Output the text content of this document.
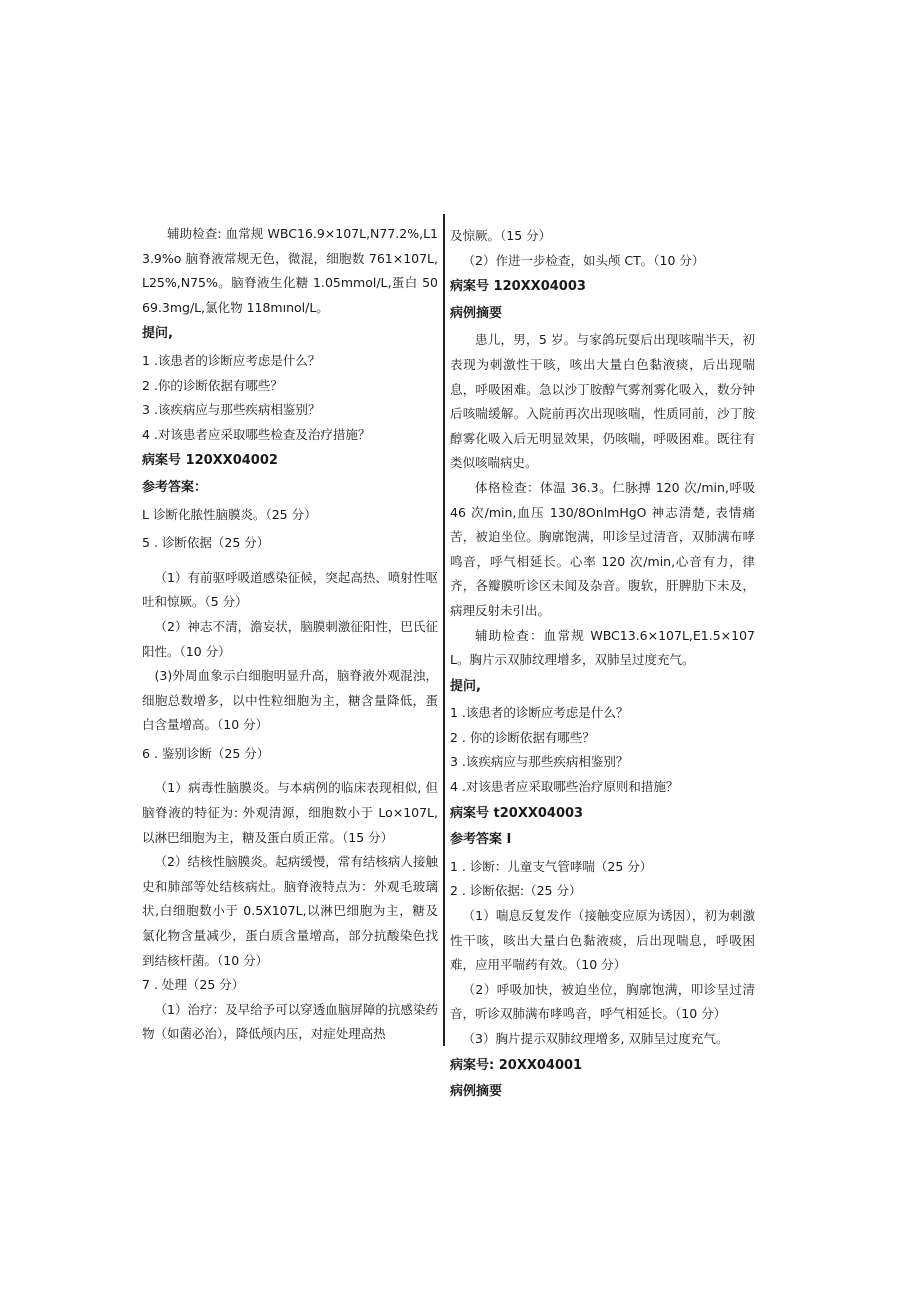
辅助检查: 血常规 WBC16.9×107L,N77.2%,L13.9%o 脑脊液常规无色，微混，细胞数 761×107L,L25%,N75%。脑脊液生化糖 1.05mmol/L,蛋白 5069.3mg/L,氯化物 118mınol/L。

提问,

1 .该患者的诊断应考虑是什么？

2 .你的诊断依据有哪些？

3 .该疾病应与那些疾病相鉴别？

4 .对该患者应采取哪些检查及治疗措施？

病案号 120XX04002

参考答案：

L 诊断化脓性脑膜炎。（25 分）

5 . 诊断依据（25 分）

（1）有前驱呼吸道感染征候，突起高热、喷射性呕吐和惊厥。（5 分）

（2）神志不清，澹妄状，脑膜刺激征阳性，巴氏征阳性。（10 分）

(3)外周血象示白细胞明显升高，脑脊液外观混浊，细胞总数增多，以中性粒细胞为主，糖含量降低，蛋白含量增高。（10 分）

6 . 鉴别诊断（25 分）

（1）病毒性脑膜炎。与本病例的临床表现相似, 但脑脊液的特征为: 外观清源，细胞数小于 Lo×107L,以淋巴细胞为主，糖及蛋白质正常。（15 分）

（2）结核性脑膜炎。起病缓慢，常有结核病人接触史和肺部等处结核病灶。脑脊液特点为：外观毛玻璃状,白细胞数小于 0.5X107L,以淋巴细胞为主，糖及氯化物含量减少，蛋白质含量增高，部分抗酸染色找到结核杆菌。（10 分）

7 . 处理（25 分）

（1）治疗：及早给予可以穿透血脑屏障的抗感染药物（如菌必治），降低颅内压，对症处理高热

及惊厥。（15 分）

（2）作进一步检查，如头颅 CT。（10 分）

病案号 120XX04003

病例摘要

患儿，男，5 岁。与家鸽玩耍后出现咳喘半天，初表现为刺激性干咳，咳出大量白色黏液痰，后出现喘息，呼吸困难。急以沙丁胺醇气雾剂雾化吸入，数分钟后咳喘缓解。入院前再次出现咳喘，性质同前，沙丁胺醇雾化吸入后无明显效果，仍咳喘，呼吸困难。既往有类似咳喘病史。

体格检查：体温 36.3。仁脉搏 120 次/min,呼吸 46 次/min,血压 130/8OnlmHgO 神志清楚, 表情痛苦，被迫坐位。胸廓饱满，叩诊呈过清音，双肺满布哮鸣音，呼气相延长。心率 120 次/min,心音有力，律齐，各瓣膜听诊区未闻及杂音。腹软，肝脾肋下未及，病理反射未引出。

辅助检查：血常规 WBC13.6×107L,E1.5×107L。胸片示双肺纹理增多，双肺呈过度充气。

提问,

1 .该患者的诊断应考虑是什么？

2 . 你的诊断依据有哪些？

3 .该疾病应与那些疾病相鉴别？

4 .对该患者应采取哪些治疗原则和措施？

病案号 t20XX04003

参考答案 I

1 . 诊断：儿童支气管哮喘（25 分）

2 . 诊断依据:（25 分）

（1）喘息反复发作（接触变应原为诱因），初为刺激性干咳，咳出大量白色黏液痰，后出现喘息，呼吸困难，应用平喘药有效。（10 分）

（2）呼吸加快，被迫坐位，胸廓饱满，叩诊呈过清音，听诊双肺满布哮鸣音，呼气相延长。（10 分）

（3）胸片提示双肺纹理增多, 双肺呈过度充气。

病案号: 20XX04001

病例摘要
